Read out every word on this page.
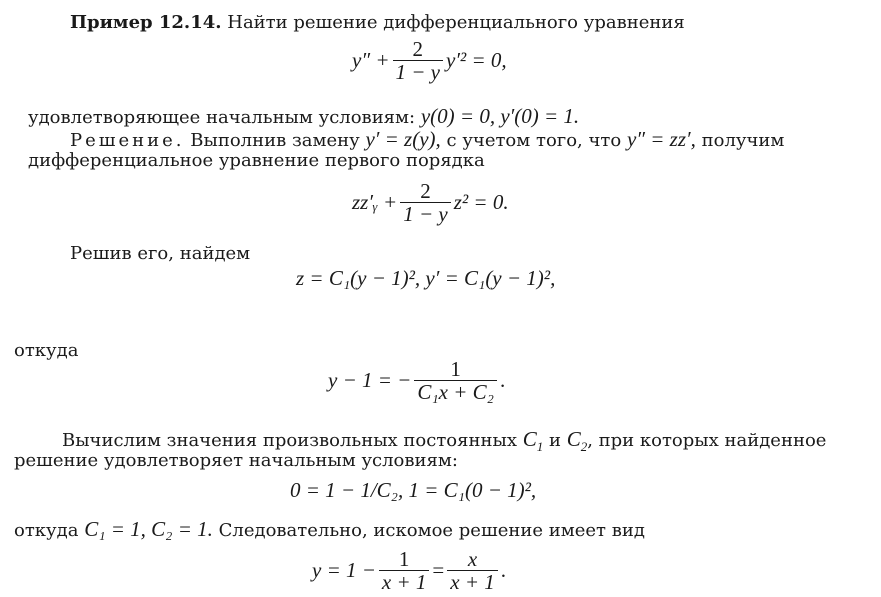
Пример 12.14. Найти решение дифференциального уравнения
$y'' + \frac{2}{1 - y} y'^2 = 0$,
удовлетворяющее начальным условиям: y(0) = 0, y′(0) = 1.
Решение. Выполнив замену y′ = z(y), с учетом того, что y″ = zz′, получим
дифференциальное уравнение первого порядка
zz′ᵧ + $\frac{2}{1 - y} z^2 = 0$.
Решив его, найдем
z = C₁(y − 1)², y′ = C₁(y − 1)²,
откуда
y − 1 = − $\frac{1}{\text{C₁x + C₂}}$ .
Вычислим значения произвольных постоянных $C_1$ и $C_2$, при которых найденное
решение удовлетворяет начальным условиям:
0 = 1 − 1/C₂, 1 = C₁(0 − 1)²,
откуда C₁ = 1, C₂ = 1. Следовательно, искомое решение имеет вид
$y = 1 - \frac{1}{x + 1} = \frac{x}{x + 1}$ .
